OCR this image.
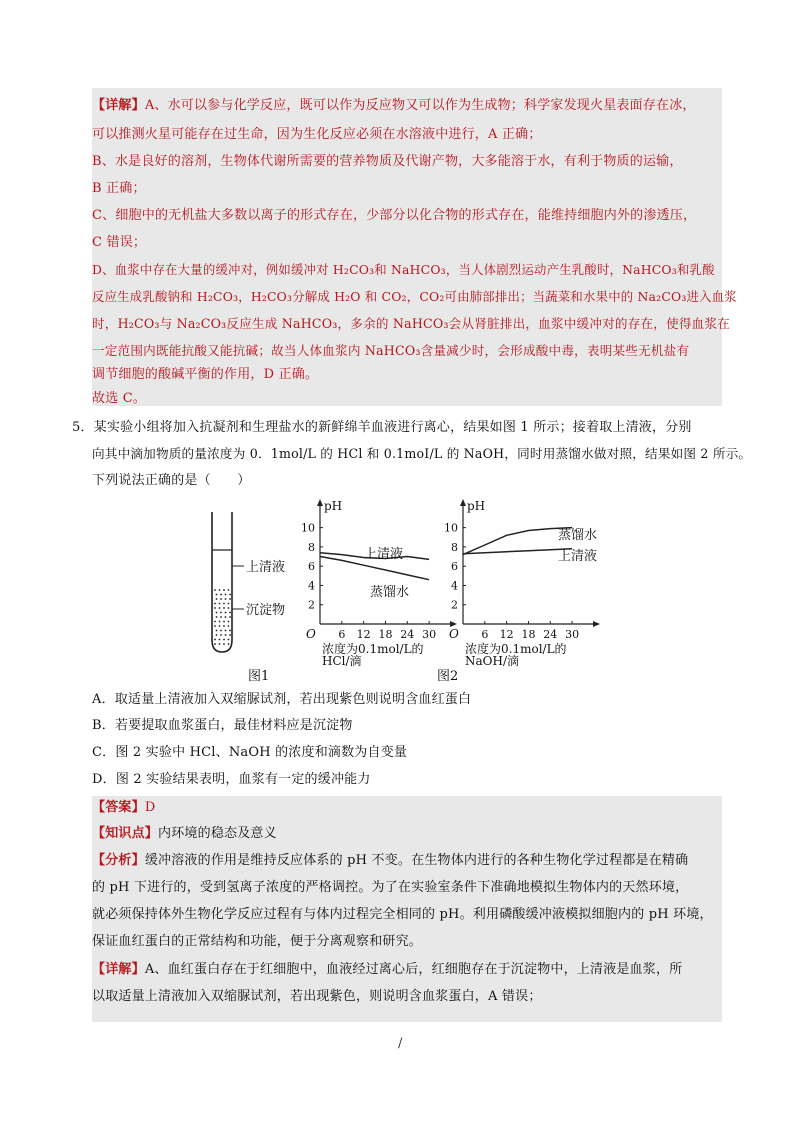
【详解】A、水可以参与化学反应，既可以作为反应物又可以作为生成物；科学家发现火星表面存在冰，
可以推测火星可能存在过生命，因为生化反应必须在水溶液中进行，A 正确；
B、水是良好的溶剂，生物体代谢所需要的营养物质及代谢产物，大多能溶于水，有利于物质的运输，
B 正确；
C、细胞中的无机盐大多数以离子的形式存在，少部分以化合物的形式存在，能维持细胞内外的渗透压，
C 错误；
D、血浆中存在大量的缓冲对，例如缓冲对 H₂CO₃和 NaHCO₃，当人体剧烈运动产生乳酸时，NaHCO₃和乳酸
反应生成乳酸钠和 H₂CO₃，H₂CO₃分解成 H₂O 和 CO₂，CO₂可由肺部排出；当蔬菜和水果中的 Na₂CO₃进入血浆
时，H₂CO₃与 Na₂CO₃反应生成 NaHCO₃，多余的 NaHCO₃会从肾脏排出，血浆中缓冲对的存在，使得血浆在
一定范围内既能抗酸又能抗碱；故当人体血浆内 NaHCO₃含量减少时，会形成酸中毒，表明某些无机盐有
调节细胞的酸碱平衡的作用，D 正确。
故选 C。
5．某实验小组将加入抗凝剂和生理盐水的新鲜绵羊血液进行离心，结果如图 1 所示；接着取上清液，分别
向其中滴加物质的量浓度为 0．1mol/L 的 HCl 和 0.1moI/L 的 NaOH，同时用蒸馏水做对照，结果如图 2 所示。
下列说法正确的是（　　）
上清液
沉淀物
图1
pH
O 6 12 18 24 30
2
4
6
8
10
浓度为0.1mol/L的
HCl/滴
上清液
蒸馏水
pH
O 6 12 18 24 30
2
4
6
8
10
浓度为0.1mol/L的
NaOH/滴
蒸馏水
上清液
图2
A．取适量上清液加入双缩脲试剂，若出现紫色则说明含血红蛋白
B．若要提取血浆蛋白，最佳材料应是沉淀物
C．图 2 实验中 HCl、NaOH 的浓度和滴数为自变量
D．图 2 实验结果表明，血浆有一定的缓冲能力
【答案】D
【知识点】内环境的稳态及意义
【分析】缓冲溶液的作用是维持反应体系的 pH 不变。在生物体内进行的各种生物化学过程都是在精确
的 pH 下进行的，受到氢离子浓度的严格调控。为了在实验室条件下准确地模拟生物体内的天然环境，
就必须保持体外生物化学反应过程有与体内过程完全相同的 pH。利用磷酸缓冲液模拟细胞内的 pH 环境，
保证血红蛋白的正常结构和功能，便于分离观察和研究。
【详解】A、血红蛋白存在于红细胞中，血液经过离心后，红细胞存在于沉淀物中，上清液是血浆，所
以取适量上清液加入双缩脲试剂，若出现紫色，则说明含血浆蛋白，A 错误；
/
